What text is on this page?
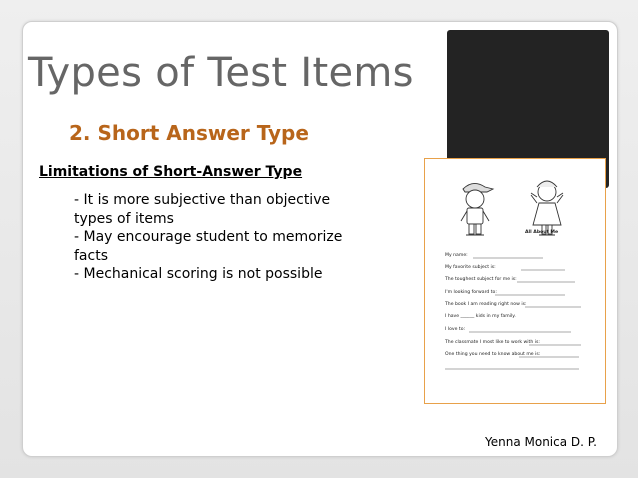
Types of Test Items
2. Short Answer Type
Limitations of Short-Answer Type
- It is more subjective than objective
types of items
- May encourage student to memorize
facts
- Mechanical scoring is not possible
All About Me
My name:
My favorite subject is:
The toughest subject for me is:
I'm looking forward to:
The book I am reading right now is:
I have ______ kids in my family.
I love to:
The classmate I most like to work with is:
One thing you need to know about me is:
Yenna Monica D. P.
